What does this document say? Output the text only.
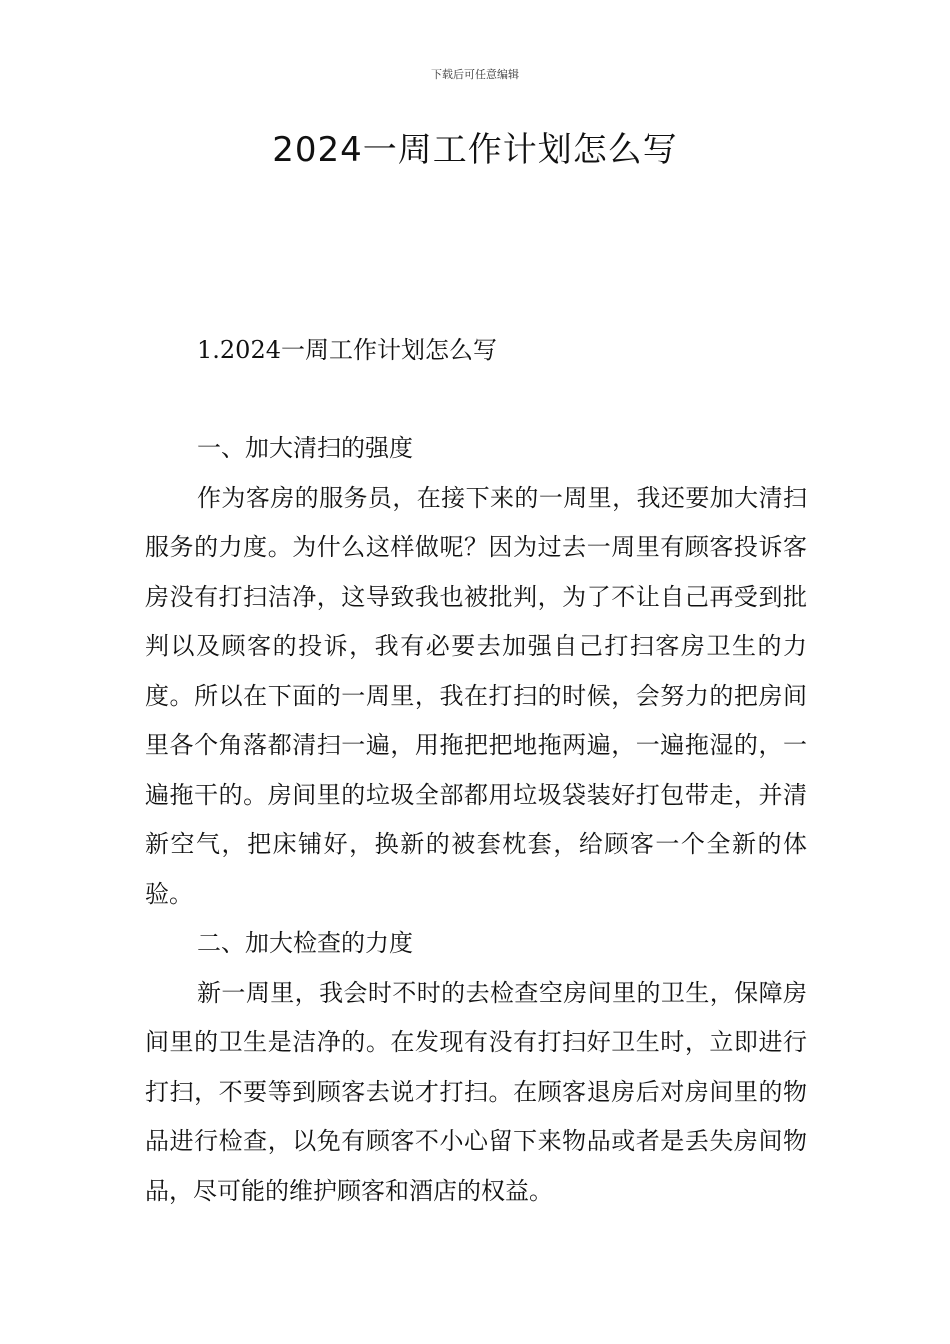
下载后可任意编辑
2024一周工作计划怎么写
1.2024一周工作计划怎么写

一、加大清扫的强度

作为客房的服务员，在接下来的一周里，我还要加大清扫服务的力度。为什么这样做呢？因为过去一周里有顾客投诉客房没有打扫洁净，这导致我也被批判，为了不让自己再受到批判以及顾客的投诉，我有必要去加强自己打扫客房卫生的力度。所以在下面的一周里，我在打扫的时候，会努力的把房间里各个角落都清扫一遍，用拖把把地拖两遍，一遍拖湿的，一遍拖干的。房间里的垃圾全部都用垃圾袋装好打包带走，并清新空气，把床铺好，换新的被套枕套，给顾客一个全新的体验。

二、加大检查的力度

新一周里，我会时不时的去检查空房间里的卫生，保障房间里的卫生是洁净的。在发现有没有打扫好卫生时，立即进行打扫，不要等到顾客去说才打扫。在顾客退房后对房间里的物品进行检查，以免有顾客不小心留下来物品或者是丢失房间物品，尽可能的维护顾客和酒店的权益。
